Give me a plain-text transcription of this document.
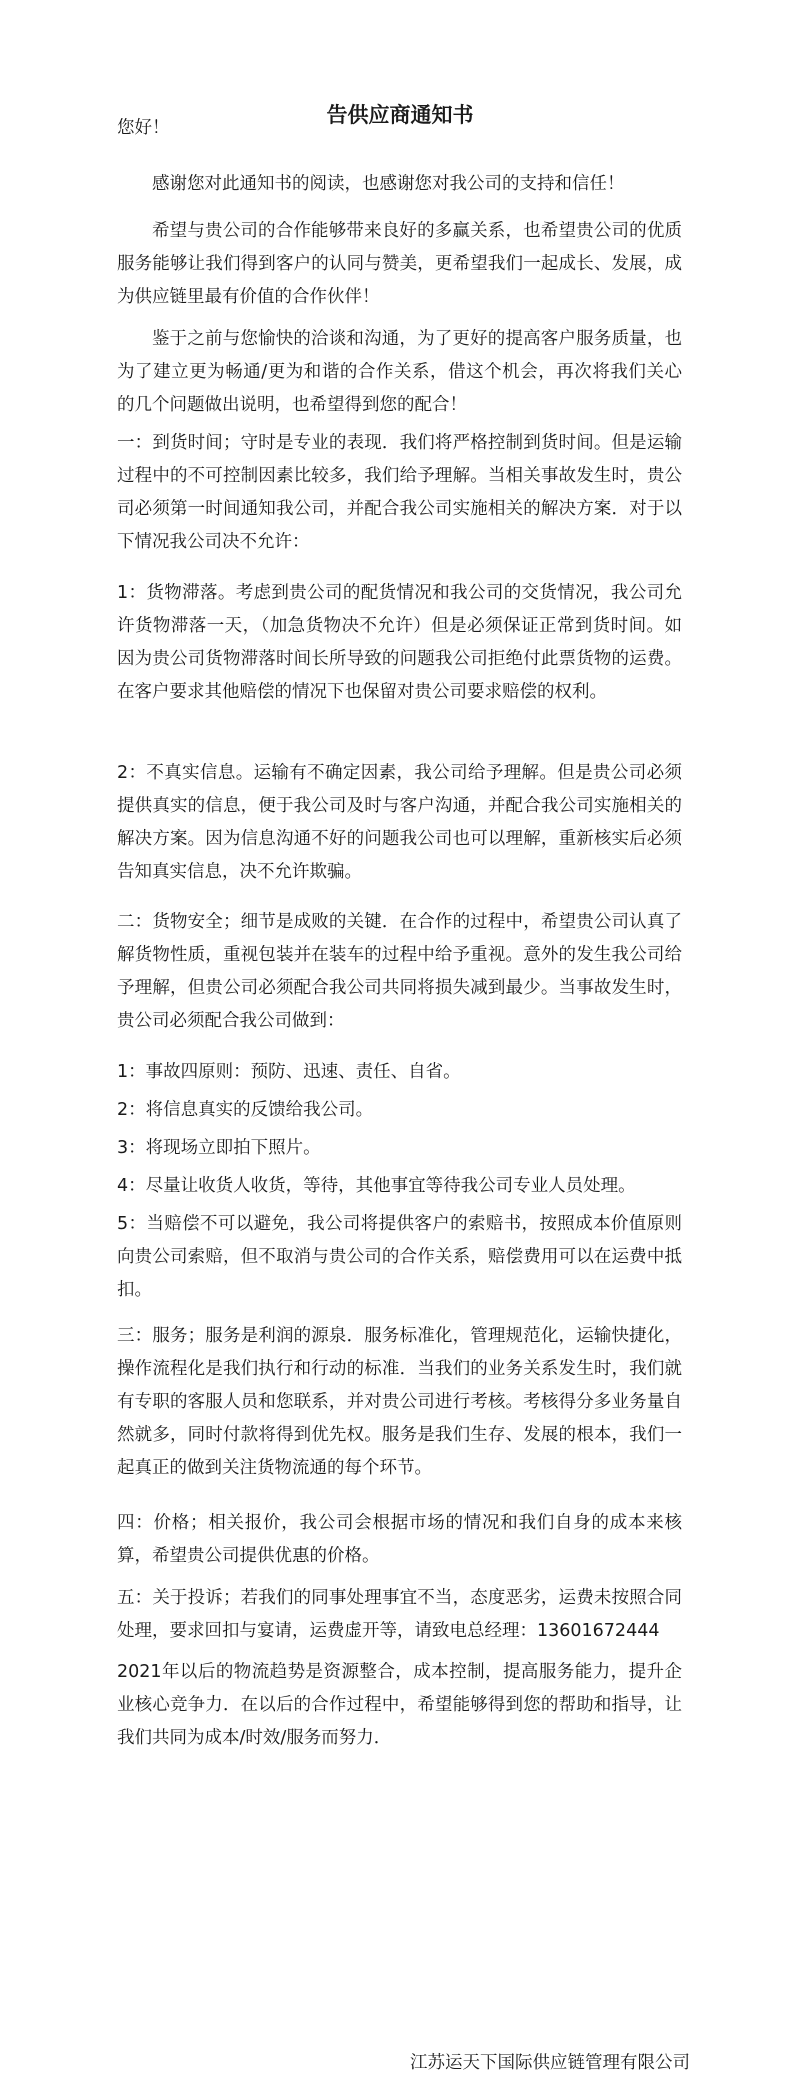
告供应商通知书

您好！

感谢您对此通知书的阅读，也感谢您对我公司的支持和信任！

希望与贵公司的合作能够带来良好的多赢关系，也希望贵公司的优质服务能够让我们得到客户的认同与赞美，更希望我们一起成长、发展，成为供应链里最有价值的合作伙伴！

鉴于之前与您愉快的洽谈和沟通，为了更好的提高客户服务质量，也为了建立更为畅通/更为和谐的合作关系，借这个机会，再次将我们关心的几个问题做出说明，也希望得到您的配合！

一：到货时间；守时是专业的表现．我们将严格控制到货时间。但是运输过程中的不可控制因素比较多，我们给予理解。当相关事故发生时，贵公司必须第一时间通知我公司，并配合我公司实施相关的解决方案．对于以下情况我公司决不允许：

1：货物滞落。考虑到贵公司的配货情况和我公司的交货情况，我公司允许货物滞落一天，（加急货物决不允许）但是必须保证正常到货时间。如因为贵公司货物滞落时间长所导致的问题我公司拒绝付此票货物的运费。在客户要求其他赔偿的情况下也保留对贵公司要求赔偿的权利。

2：不真实信息。运输有不确定因素，我公司给予理解。但是贵公司必须提供真实的信息，便于我公司及时与客户沟通，并配合我公司实施相关的解决方案。因为信息沟通不好的问题我公司也可以理解，重新核实后必须告知真实信息，决不允许欺骗。

二：货物安全；细节是成败的关键．在合作的过程中，希望贵公司认真了解货物性质，重视包装并在装车的过程中给予重视。意外的发生我公司给予理解，但贵公司必须配合我公司共同将损失减到最少。当事故发生时，贵公司必须配合我公司做到：

1：事故四原则：预防、迅速、责任、自省。

2：将信息真实的反馈给我公司。

3：将现场立即拍下照片。

4：尽量让收货人收货，等待，其他事宜等待我公司专业人员处理。

5：当赔偿不可以避免，我公司将提供客户的索赔书，按照成本价值原则向贵公司索赔，但不取消与贵公司的合作关系，赔偿费用可以在运费中抵扣。

三：服务；服务是利润的源泉．服务标准化，管理规范化，运输快捷化，操作流程化是我们执行和行动的标准．当我们的业务关系发生时，我们就有专职的客服人员和您联系，并对贵公司进行考核。考核得分多业务量自然就多，同时付款将得到优先权。服务是我们生存、发展的根本，我们一起真正的做到关注货物流通的每个环节。

四：价格；相关报价，我公司会根据市场的情况和我们自身的成本来核算，希望贵公司提供优惠的价格。

五：关于投诉；若我们的同事处理事宜不当，态度恶劣，运费未按照合同处理，要求回扣与宴请，运费虚开等，请致电总经理：13601672444

2021年以后的物流趋势是资源整合，成本控制，提高服务能力，提升企业核心竞争力．在以后的合作过程中，希望能够得到您的帮助和指导，让我们共同为成本/时效/服务而努力．

江苏运天下国际供应链管理有限公司
